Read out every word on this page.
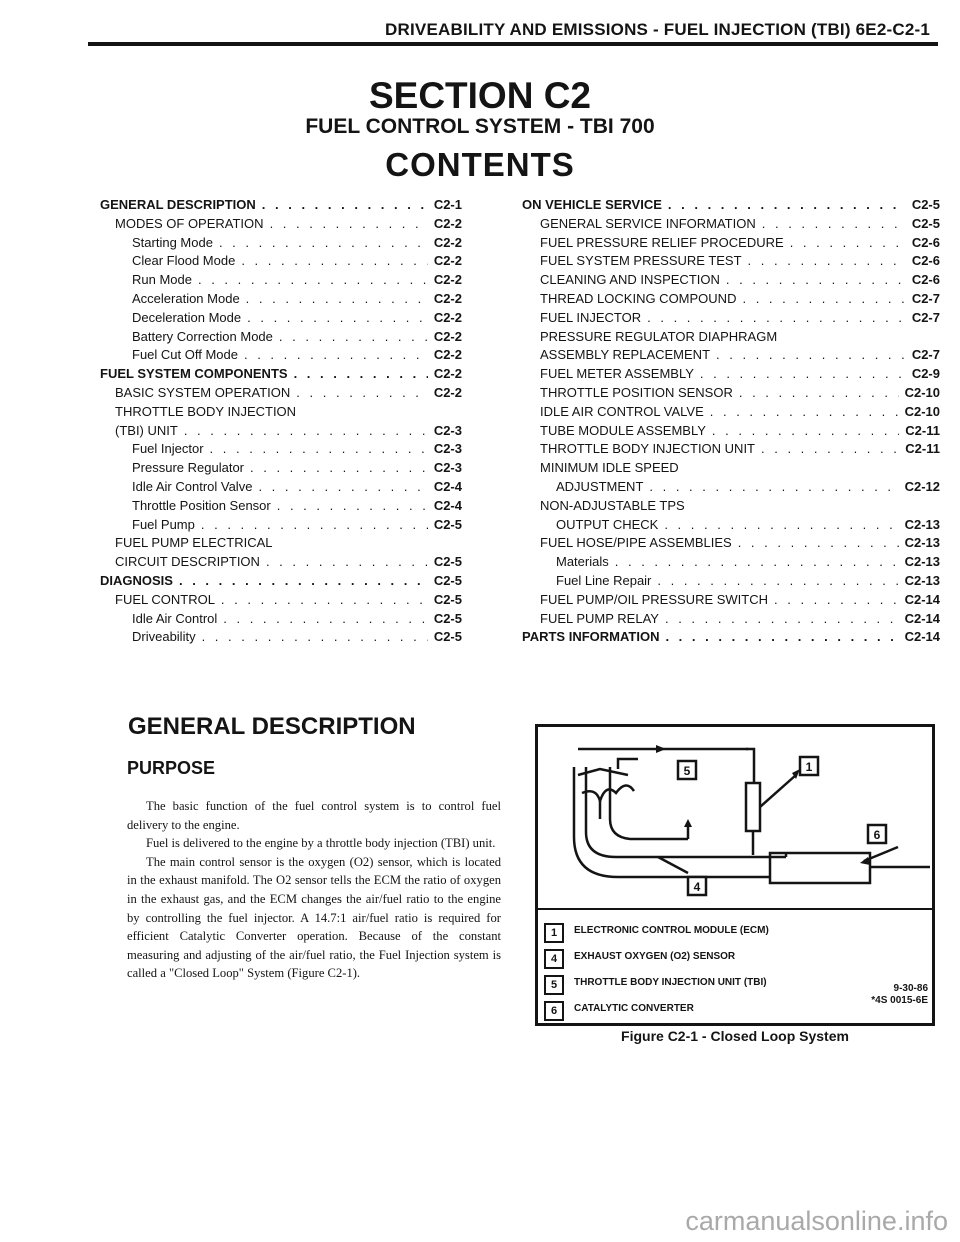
DRIVEABILITY AND EMISSIONS - FUEL INJECTION (TBI) 6E2-C2-1
SECTION C2
FUEL CONTROL SYSTEM - TBI 700
CONTENTS
GENERAL DESCRIPTION . . .	C2-1
MODES OF OPERATION . . .	C2-2
Starting Mode . . .	C2-2
Clear Flood Mode . . .	C2-2
Run Mode . . .	C2-2
Acceleration Mode . . .	C2-2
Deceleration Mode . . .	C2-2
Battery Correction Mode . . .	C2-2
Fuel Cut Off Mode . . .	C2-2
FUEL SYSTEM COMPONENTS . . .	C2-2
BASIC SYSTEM OPERATION . . .	C2-2
THROTTLE BODY INJECTION
(TBI) UNIT . . .	C2-3
Fuel Injector . . .	C2-3
Pressure Regulator . . .	C2-3
Idle Air Control Valve . . .	C2-4
Throttle Position Sensor . . .	C2-4
Fuel Pump . . .	C2-5
FUEL PUMP ELECTRICAL
CIRCUIT DESCRIPTION . . .	C2-5
DIAGNOSIS . . .	C2-5
FUEL CONTROL . . .	C2-5
Idle Air Control . . .	C2-5
Driveability . . .	C2-5
ON VEHICLE SERVICE . . .	C2-5
GENERAL SERVICE INFORMATION . . .	C2-5
FUEL PRESSURE RELIEF PROCEDURE . . .	C2-6
FUEL SYSTEM PRESSURE TEST . . .	C2-6
CLEANING AND INSPECTION . . .	C2-6
THREAD LOCKING COMPOUND . . .	C2-7
FUEL INJECTOR . . .	C2-7
PRESSURE REGULATOR DIAPHRAGM
ASSEMBLY REPLACEMENT . . .	C2-7
FUEL METER ASSEMBLY . . .	C2-9
THROTTLE POSITION SENSOR . . .	C2-10
IDLE AIR CONTROL VALVE . . .	C2-10
TUBE MODULE ASSEMBLY . . .	C2-11
THROTTLE BODY INJECTION UNIT . . .	C2-11
MINIMUM IDLE SPEED
ADJUSTMENT . . .	C2-12
NON-ADJUSTABLE TPS
OUTPUT CHECK . . .	C2-13
FUEL HOSE/PIPE ASSEMBLIES . . .	C2-13
Materials . . .	C2-13
Fuel Line Repair . . .	C2-13
FUEL PUMP/OIL PRESSURE SWITCH . . .	C2-14
FUEL PUMP RELAY . . .	C2-14
PARTS INFORMATION . . .	C2-14
GENERAL DESCRIPTION
PURPOSE

The basic function of the fuel control system is to control fuel delivery to the engine.

Fuel is delivered to the engine by a throttle body injection (TBI) unit.

The main control sensor is the oxygen (O2) sensor, which is located in the exhaust manifold. The O2 sensor tells the ECM the ratio of oxygen in the exhaust gas, and the ECM changes the air/fuel ratio to the engine by controlling the fuel injector. A 14.7:1 air/fuel ratio is required for efficient Catalytic Converter operation. Because of the constant measuring and adjusting of the air/fuel ratio, the Fuel Injection system is called a "Closed Loop" System (Figure C2-1).

5	1
4
6
1	ELECTRONIC CONTROL MODULE (ECM)
4	EXHAUST OXYGEN (O2) SENSOR
5	THROTTLE BODY INJECTION UNIT (TBI)
6	CATALYTIC CONVERTER
9-30-86
*4S 0015-6E
Figure C2-1 - Closed Loop System
carmanualsonline.info
